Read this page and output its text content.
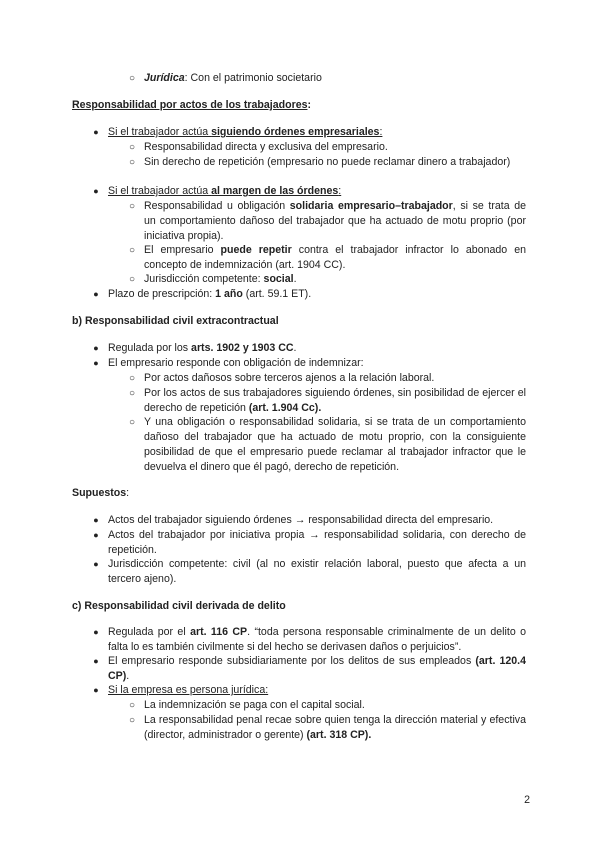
○ Jurídica: Con el patrimonio societario
Responsabilidad por actos de los trabajadores:
● Si el trabajador actúa siguiendo órdenes empresariales:
○ Responsabilidad directa y exclusiva del empresario.
○ Sin derecho de repetición (empresario no puede reclamar dinero a trabajador)
● Si el trabajador actúa al margen de las órdenes:
○ Responsabilidad u obligación solidaria empresario–trabajador, si se trata de un comportamiento dañoso del trabajador que ha actuado de motu proprio (por iniciativa propia).
○ El empresario puede repetir contra el trabajador infractor lo abonado en concepto de indemnización (art. 1904 CC).
○ Jurisdicción competente: social.
● Plazo de prescripción: 1 año (art. 59.1 ET).
b) Responsabilidad civil extracontractual
● Regulada por los arts. 1902 y 1903 CC.
● El empresario responde con obligación de indemnizar:
○ Por actos dañosos sobre terceros ajenos a la relación laboral.
○ Por los actos de sus trabajadores siguiendo órdenes, sin posibilidad de ejercer el derecho de repetición (art. 1.904 Cc).
○ Y una obligación o responsabilidad solidaria, si se trata de un comportamiento dañoso del trabajador que ha actuado de motu proprio, con la consiguiente posibilidad de que el empresario puede reclamar al trabajador infractor que le devuelva el dinero que él pagó, derecho de repetición.
Supuestos:
● Actos del trabajador siguiendo órdenes → responsabilidad directa del empresario.
● Actos del trabajador por iniciativa propia → responsabilidad solidaria, con derecho de repetición.
● Jurisdicción competente: civil (al no existir relación laboral, puesto que afecta a un tercero ajeno).
c) Responsabilidad civil derivada de delito
● Regulada por el art. 116 CP. “toda persona responsable criminalmente de un delito o falta lo es también civilmente si del hecho se derivasen daños o perjuicios”.
● El empresario responde subsidiariamente por los delitos de sus empleados (art. 120.4 CP).
● Si la empresa es persona jurídica:
○ La indemnización se paga con el capital social.
○ La responsabilidad penal recae sobre quien tenga la dirección material y efectiva (director, administrador o gerente) (art. 318 CP).
2
